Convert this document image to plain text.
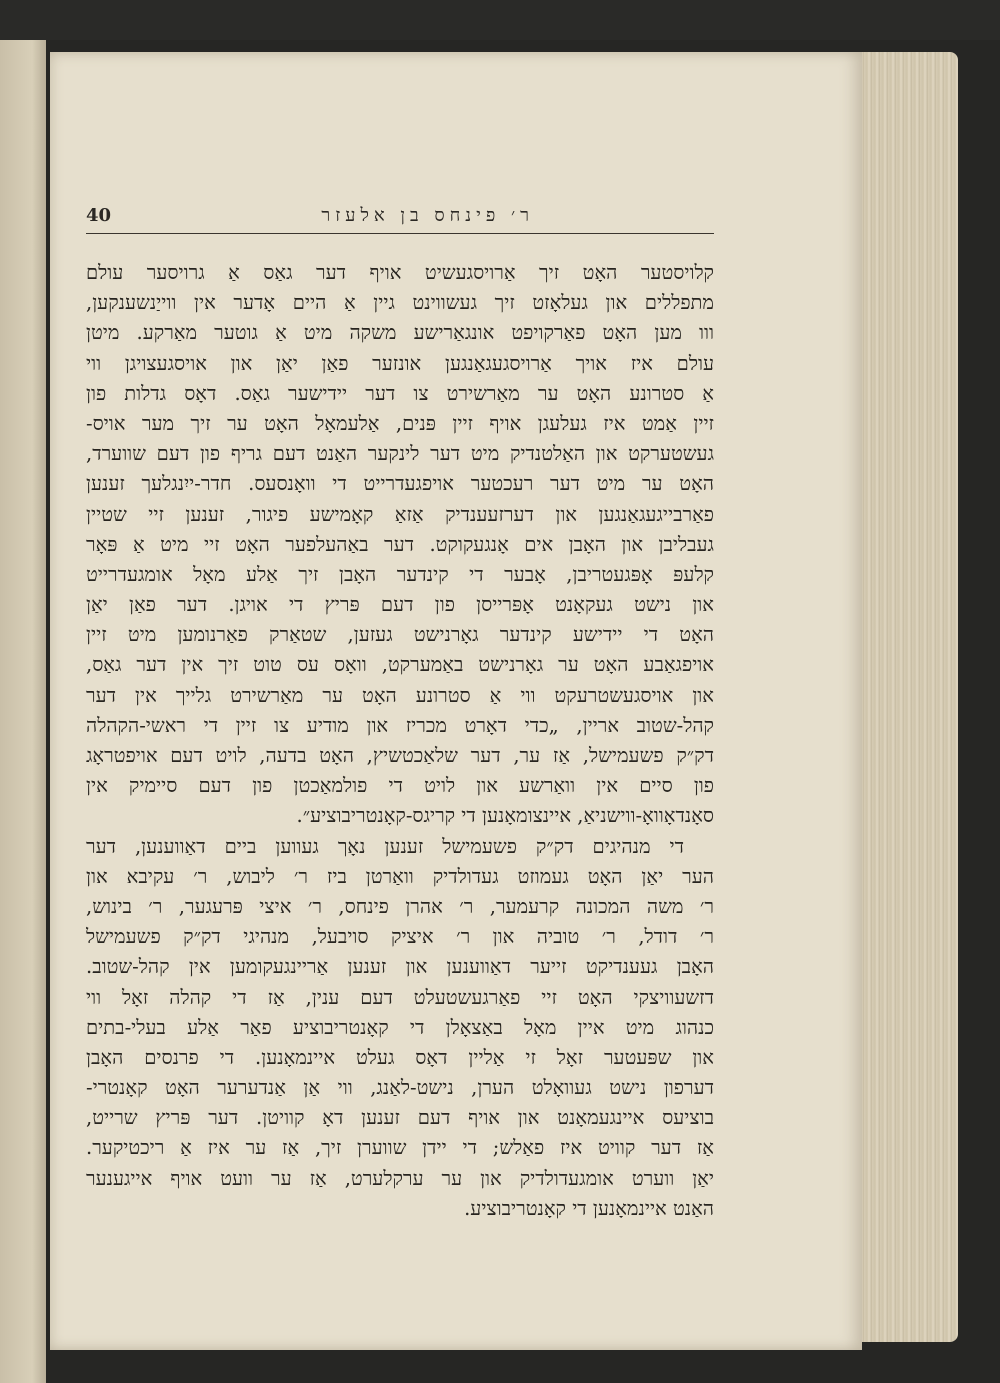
ר׳ פינחס בן אלעזר
40
קלויסטער האָט זיך אַרויסגעשיט אויף דער גאַס אַ גרויסער עולם
מתפללים און געלאָזט זיך געשווינט גיין אַ היים אָדער אין ווייַנשענקען,
ווו מען האָט פאַרקויפט אונגאַרישע משקה מיט אַ גוטער מאַרקע. מיטן
עולם איז אויך אַרויסגעגאַנגען אונזער פאַן יאַן און אויסגעצויגן ווי
אַ סטרונע האָט ער מאַרשירט צו דער יידישער גאַס. דאָס גדלות פון
זיין אַמט איז געלעגן אויף זיין פּנים, אַלעמאָל האָט ער זיך מער אויס-
געשטערקט און האַלטנדיק מיט דער לינקער האַנט דעם גריף פון דעם שווערד,
האָט ער מיט דער רעכטער אויפגעדרייט די וואָנסעס. חדר-ייִנגלעך זענען
פאַרבייגעגאַנגען און דערזעענדיק אַזאַ קאָמישע פיגור, זענען זיי שטיין
געבליבן און האָבן אים אָנגעקוקט. דער באַהעלפער האָט זיי מיט אַ פּאָר
קלעפּ אָפּגעטריבן, אָבער די קינדער האָבן זיך אַלע מאָל אומגעדרייט
און נישט געקאָנט אָפּרייסן פון דעם פּריץ די אויגן. דער פאַן יאַן
האָט די יידישע קינדער גאָרנישט געזען, שטאַרק פאַרנומען מיט זיין
אויפגאַבע האָט ער גאָרנישט באַמערקט, וואָס עס טוט זיך אין דער גאַס,
און אויסגעשטרעקט ווי אַ סטרונע האָט ער מאַרשירט גלייך אין דער
קהל-שטוב אריין, „כדי דאָרט מכריז און מודיע צו זיין די ראשי-הקהלה
דק״ק פשעמישל, אַז ער, דער שלאַכטשיץ, האָט בדעה, לויט דעם אויפטראָג
פון סיים אין וואַרשע און לויט די פולמאַכטן פון דעם סיימיק אין
סאָנדאָוואָ-ווישניאַ, איינצומאָנען די קריגס-קאָנטריבוציע״.
די מנהיגים דק״ק פשעמישל זענען נאָך געווען ביים דאַווענען, דער
הער יאַן האָט געמוזט געדולדיק וואַרטן ביז ר׳ ליבוש, ר׳ עקיבא און
ר׳ משה המכונה קרעמער, ר׳ אהרן פינחס, ר׳ איצי פּרעגער, ר׳ בינוש,
ר׳ דודל, ר׳ טוביה און ר׳ איציק סויבעל, מנהיגי דק״ק פשעמישל
האָבן געענדיקט זייער דאַווענען און זענען אַריינגעקומען אין קהל-שטוב.
דזשעוויצקי האָט זיי פאַרגעשטעלט דעם ענין, אַז די קהלה זאָל ווי
כנהוג מיט איין מאָל באַצאָלן די קאָנטריבוציע פאַר אַלע בעלי-בתים
און שפּעטער זאָל זי אַליין דאָס געלט איינמאָנען. די פרנסים האָבן
דערפון נישט געוואָלט הערן, נישט-לאַנג, ווי אַן אַנדערער האָט קאָנטרי-
בוציעס איינגעמאָנט און אויף דעם זענען דאָ קוויטן. דער פּריץ שרייט,
אַז דער קוויט איז פאַלש; די יידן שווערן זיך, אַז ער איז אַ ריכטיקער.
יאַן ווערט אומגעדולדיק און ער ערקלערט, אַז ער וועט אויף אייגענער
האַנט איינמאָנען די קאָנטריבוציע.
